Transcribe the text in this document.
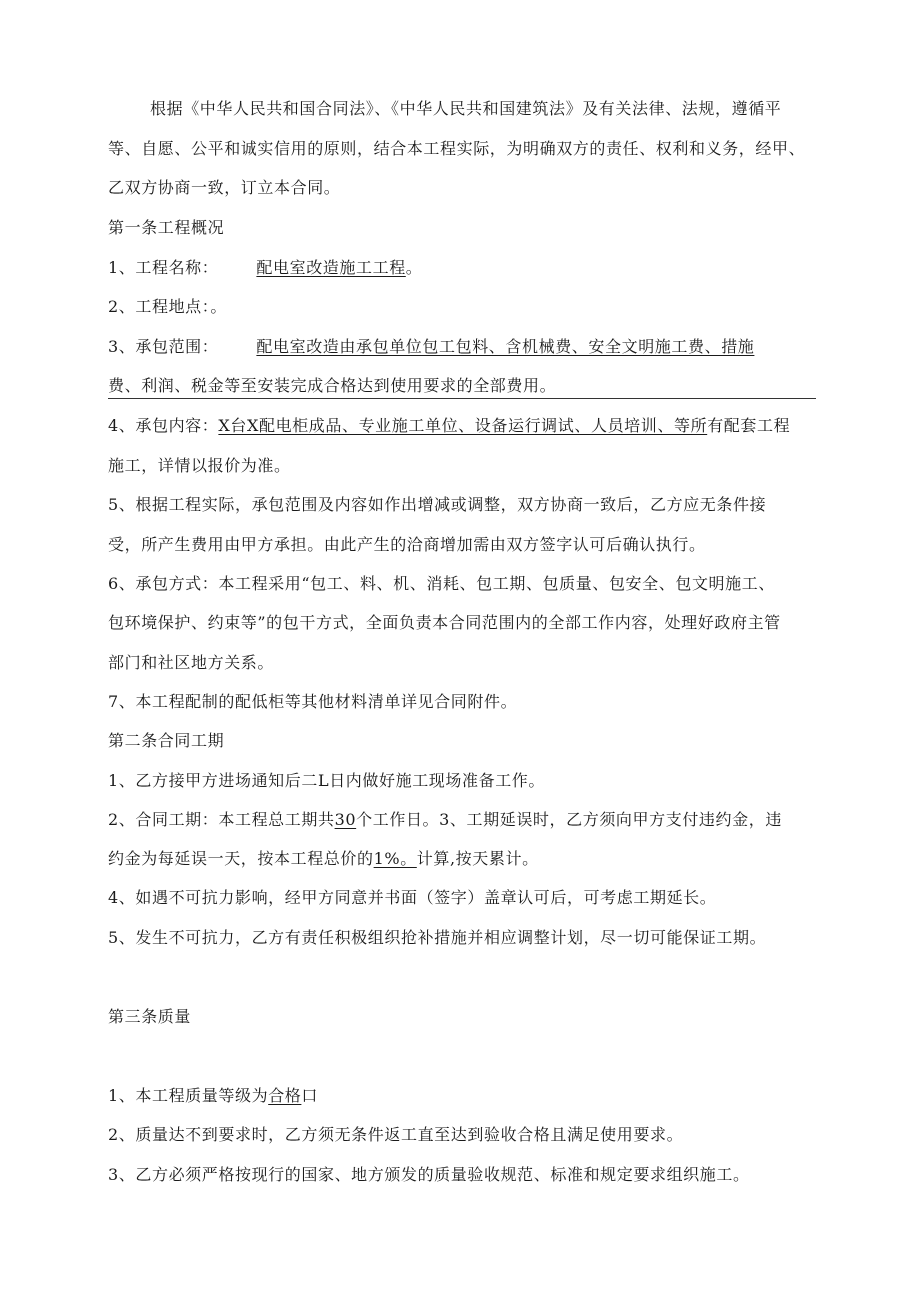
根据《中华人民共和国合同法》、《中华人民共和国建筑法》及有关法律、法规，遵循平
等、自愿、公平和诚实信用的原则，结合本工程实际，为明确双方的责任、权利和义务，经甲、
乙双方协商一致，订立本合同。
第一条工程概况
1、工程名称： 配电室改造施工工程。
2、工程地点：。
3、承包范围： 配电室改造由承包单位包工包料、含机械费、安全文明施工费、措施
费、利润、税金等至安装完成合格达到使用要求的全部费用。
4、承包内容：X台X配电柜成品、专业施工单位、设备运行调试、人员培训、等所有配套工程
施工，详情以报价为准。
5、根据工程实际，承包范围及内容如作出增减或调整，双方协商一致后，乙方应无条件接
受，所产生费用由甲方承担。由此产生的洽商增加需由双方签字认可后确认执行。
6、承包方式：本工程采用“包工、料、机、消耗、包工期、包质量、包安全、包文明施工、
包环境保护、约束等”的包干方式，全面负责本合同范围内的全部工作内容，处理好政府主管
部门和社区地方关系。
7、本工程配制的配低柜等其他材料清单详见合同附件。
第二条合同工期
1、乙方接甲方进场通知后二L日内做好施工现场准备工作。
2、合同工期：本工程总工期共30个工作日。3、工期延误时，乙方须向甲方支付违约金，违
约金为每延误一天，按本工程总价的1%。计算,按天累计。
4、如遇不可抗力影响，经甲方同意并书面（签字）盖章认可后，可考虑工期延长。
5、发生不可抗力，乙方有责任积极组织抢补措施并相应调整计划，尽一切可能保证工期。
第三条质量
1、本工程质量等级为合格口
2、质量达不到要求时，乙方须无条件返工直至达到验收合格且满足使用要求。
3、乙方必须严格按现行的国家、地方颁发的质量验收规范、标准和规定要求组织施工。
